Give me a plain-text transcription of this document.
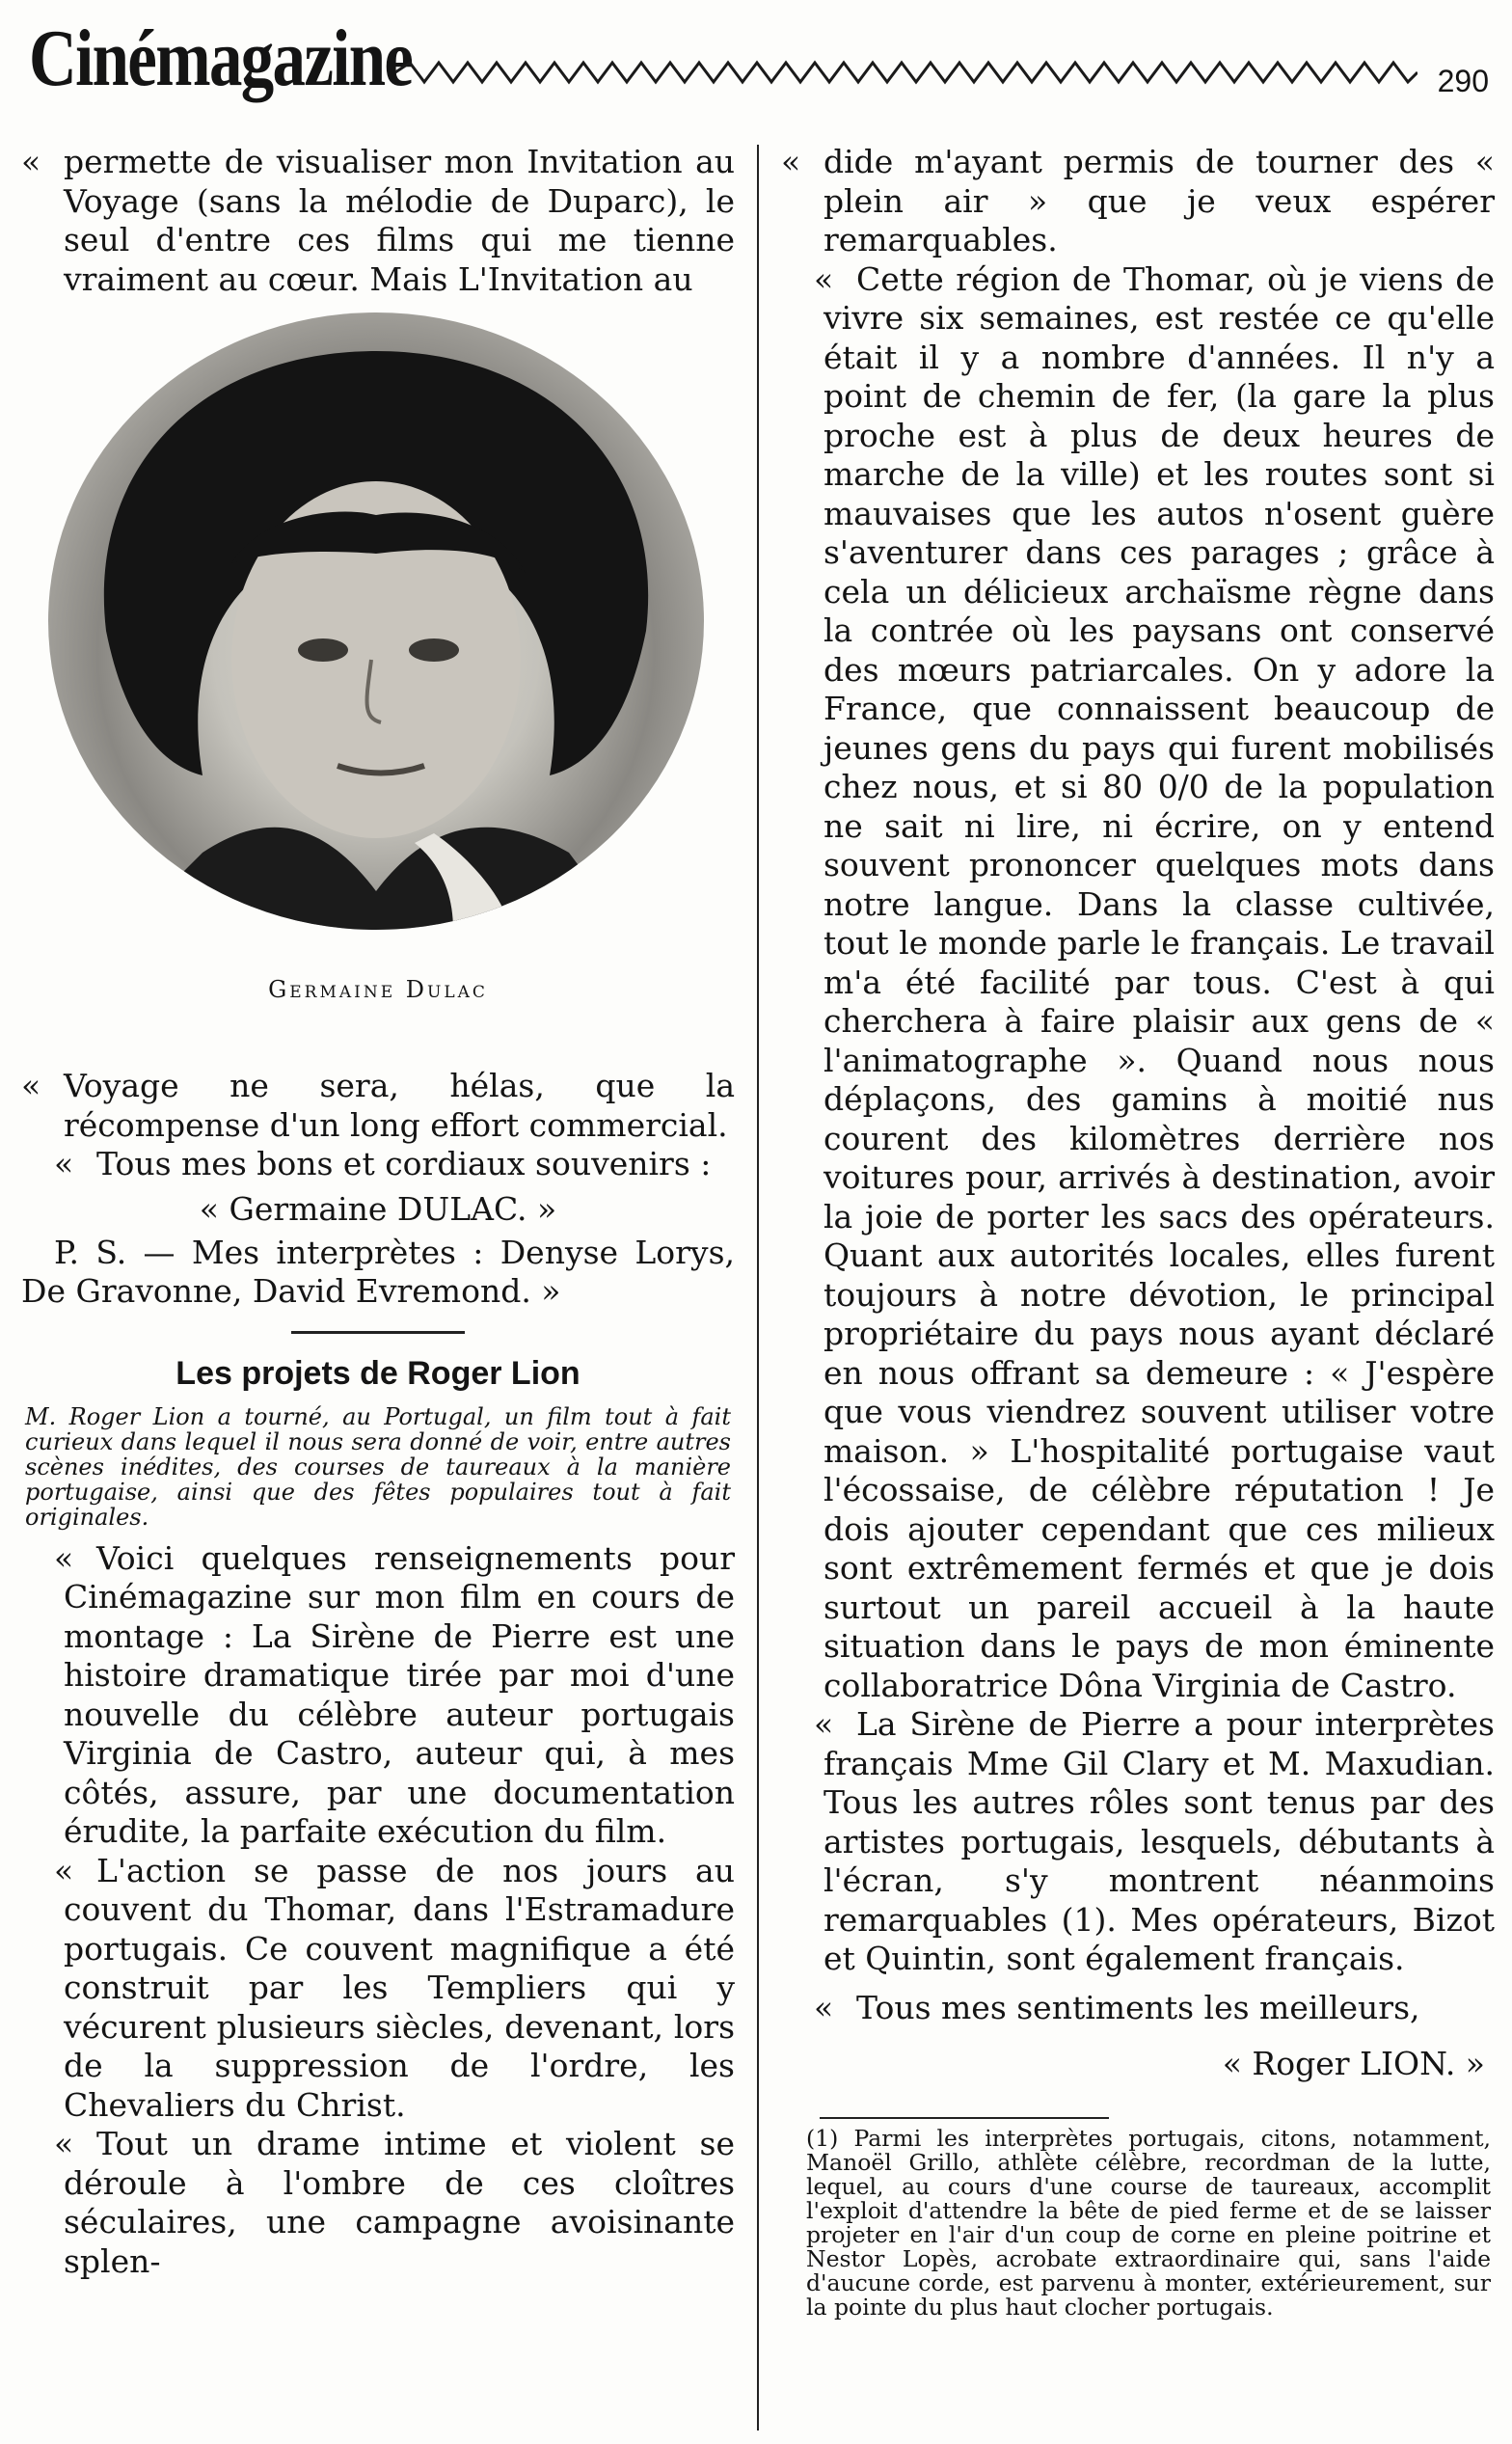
Cinémagazine	290

« permette de visualiser mon Invitation au Voyage (sans la mélodie de Duparc), le seul d'entre ces films qui me tienne vraiment au cœur. Mais L'Invitation au

Germaine Dulac

« Voyage ne sera, hélas, que la récompense d'un long effort commercial.

« Tous mes bons et cordiaux souvenirs :

« Germaine DULAC. »

P. S. — Mes interprètes : Denyse Lorys, De Gravonne, David Evremond. »

Les projets de Roger Lion

M. Roger Lion a tourné, au Portugal, un film tout à fait curieux dans lequel il nous sera donné de voir, entre autres scènes inédites, des courses de taureaux à la manière portugaise, ainsi que des fêtes populaires tout à fait originales.

« Voici quelques renseignements pour Cinémagazine sur mon film en cours de montage : La Sirène de Pierre est une histoire dramatique tirée par moi d'une nouvelle du célèbre auteur portugais Virginia de Castro, auteur qui, à mes côtés, assure, par une documentation érudite, la parfaite exécution du film.

« L'action se passe de nos jours au couvent du Thomar, dans l'Estramadure portugais. Ce couvent magnifique a été construit par les Templiers qui y vécurent plusieurs siècles, devenant, lors de la suppression de l'ordre, les Chevaliers du Christ.

« Tout un drame intime et violent se déroule à l'ombre de ces cloîtres séculaires, une campagne avoisinante splen-

« dide m'ayant permis de tourner des « plein air » que je veux espérer remarquables.

« Cette région de Thomar, où je viens de vivre six semaines, est restée ce qu'elle était il y a nombre d'années. Il n'y a point de chemin de fer, (la gare la plus proche est à plus de deux heures de marche de la ville) et les routes sont si mauvaises que les autos n'osent guère s'aventurer dans ces parages ; grâce à cela un délicieux archaïsme règne dans la contrée où les paysans ont conservé des mœurs patriarcales. On y adore la France, que connaissent beaucoup de jeunes gens du pays qui furent mobilisés chez nous, et si 80 0/0 de la population ne sait ni lire, ni écrire, on y entend souvent prononcer quelques mots dans notre langue. Dans la classe cultivée, tout le monde parle le français. Le travail m'a été facilité par tous. C'est à qui cherchera à faire plaisir aux gens de « l'animatographe ». Quand nous nous déplaçons, des gamins à moitié nus courent des kilomètres derrière nos voitures pour, arrivés à destination, avoir la joie de porter les sacs des opérateurs. Quant aux autorités locales, elles furent toujours à notre dévotion, le principal propriétaire du pays nous ayant déclaré en nous offrant sa demeure : « J'espère que vous viendrez souvent utiliser votre maison. » L'hospitalité portugaise vaut l'écossaise, de célèbre réputation ! Je dois ajouter cependant que ces milieux sont extrêmement fermés et que je dois surtout un pareil accueil à la haute situation dans le pays de mon éminente collaboratrice Dôna Virginia de Castro.

« La Sirène de Pierre a pour interprètes français Mme Gil Clary et M. Maxudian. Tous les autres rôles sont tenus par des artistes portugais, lesquels, débutants à l'écran, s'y montrent néanmoins remarquables (1). Mes opérateurs, Bizot et Quintin, sont également français.

« Tous mes sentiments les meilleurs,

« Roger LION. »

(1) Parmi les interprètes portugais, citons, notamment, Manoël Grillo, athlète célèbre, recordman de la lutte, lequel, au cours d'une course de taureaux, accomplit l'exploit d'attendre la bête de pied ferme et de se laisser projeter en l'air d'un coup de corne en pleine poitrine et Nestor Lopès, acrobate extraordinaire qui, sans l'aide d'aucune corde, est parvenu à monter, extérieurement, sur la pointe du plus haut clocher portugais.
